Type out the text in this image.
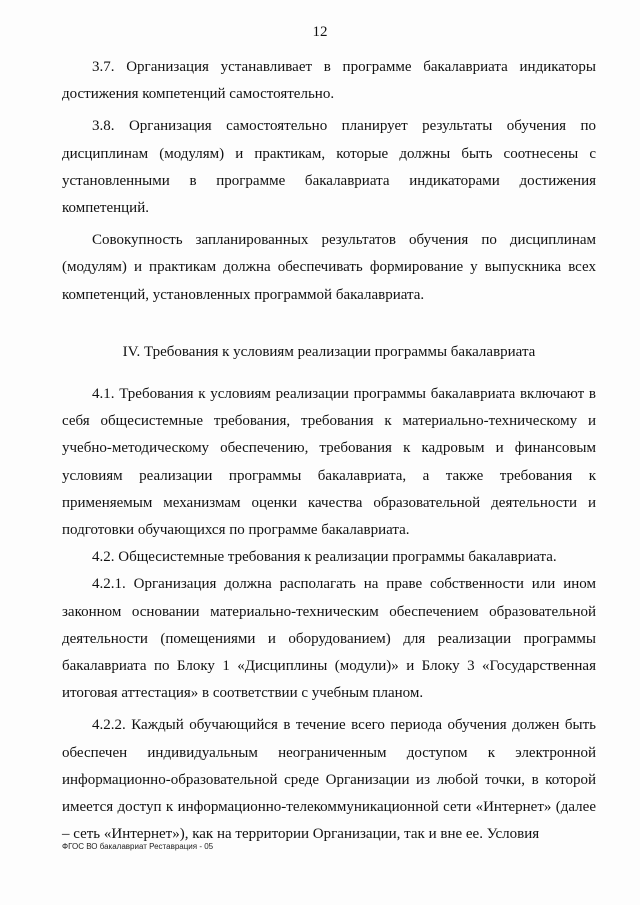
12

3.7. Организация устанавливает в программе бакалавриата индикаторы достижения компетенций самостоятельно.

3.8. Организация самостоятельно планирует результаты обучения по дисциплинам (модулям) и практикам, которые должны быть соотнесены с установленными в программе бакалавриата индикаторами достижения компетенций.

Совокупность запланированных результатов обучения по дисциплинам (модулям) и практикам должна обеспечивать формирование у выпускника всех компетенций, установленных программой бакалавриата.

IV. Требования к условиям реализации программы бакалавриата

4.1. Требования к условиям реализации программы бакалавриата включают в себя общесистемные требования, требования к материально-техническому и учебно-методическому обеспечению, требования к кадровым и финансовым условиям реализации программы бакалавриата, а также требования к применяемым механизмам оценки качества образовательной деятельности и подготовки обучающихся по программе бакалавриата.

4.2. Общесистемные требования к реализации программы бакалавриата.

4.2.1. Организация должна располагать на праве собственности или ином законном основании материально-техническим обеспечением образовательной деятельности (помещениями и оборудованием) для реализации программы бакалавриата по Блоку 1 «Дисциплины (модули)» и Блоку 3 «Государственная итоговая аттестация» в соответствии с учебным планом.

4.2.2. Каждый обучающийся в течение всего периода обучения должен быть обеспечен индивидуальным неограниченным доступом к электронной информационно-образовательной среде Организации из любой точки, в которой имеется доступ к информационно-телекоммуникационной сети «Интернет» (далее – сеть «Интернет»), как на территории Организации, так и вне ее. Условия

ФГОС ВО бакалавриат Реставрация - 05
